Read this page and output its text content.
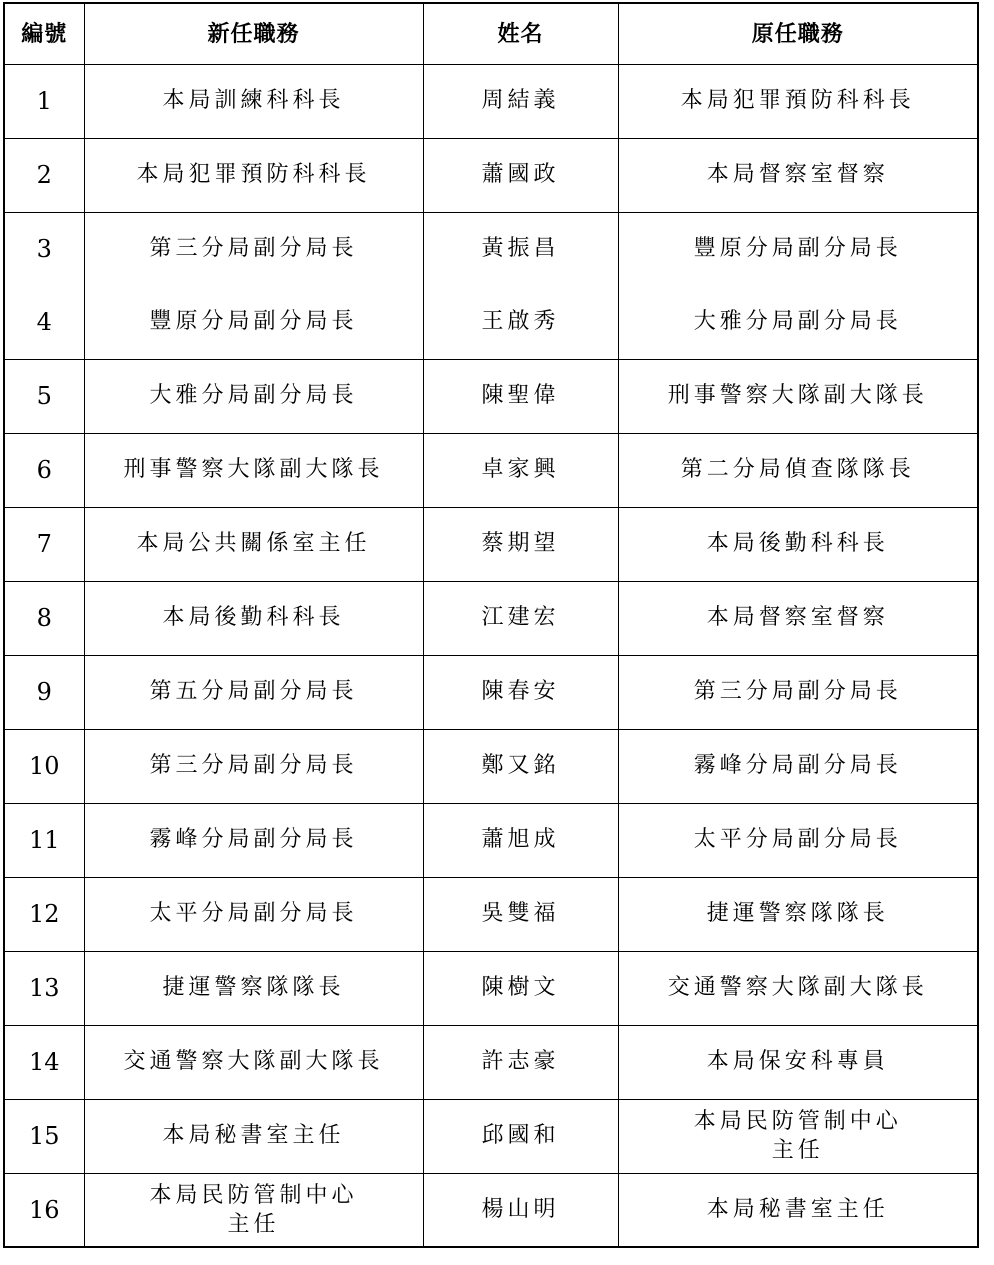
編號	新任職務	姓名	原任職務
1	本局訓練科科長	周結義	本局犯罪預防科科長
2	本局犯罪預防科科長	蕭國政	本局督察室督察
3	第三分局副分局長	黃振昌	豐原分局副分局長
4	豐原分局副分局長	王啟秀	大雅分局副分局長
5	大雅分局副分局長	陳聖偉	刑事警察大隊副大隊長
6	刑事警察大隊副大隊長	卓家興	第二分局偵查隊隊長
7	本局公共關係室主任	蔡期望	本局後勤科科長
8	本局後勤科科長	江建宏	本局督察室督察
9	第五分局副分局長	陳春安	第三分局副分局長
10	第三分局副分局長	鄭又銘	霧峰分局副分局長
11	霧峰分局副分局長	蕭旭成	太平分局副分局長
12	太平分局副分局長	吳雙福	捷運警察隊隊長
13	捷運警察隊隊長	陳樹文	交通警察大隊副大隊長
14	交通警察大隊副大隊長	許志豪	本局保安科專員
15	本局秘書室主任	邱國和	本局民防管制中心
主任

16	本局民防管制中心
主任	楊山明	本局秘書室主任
